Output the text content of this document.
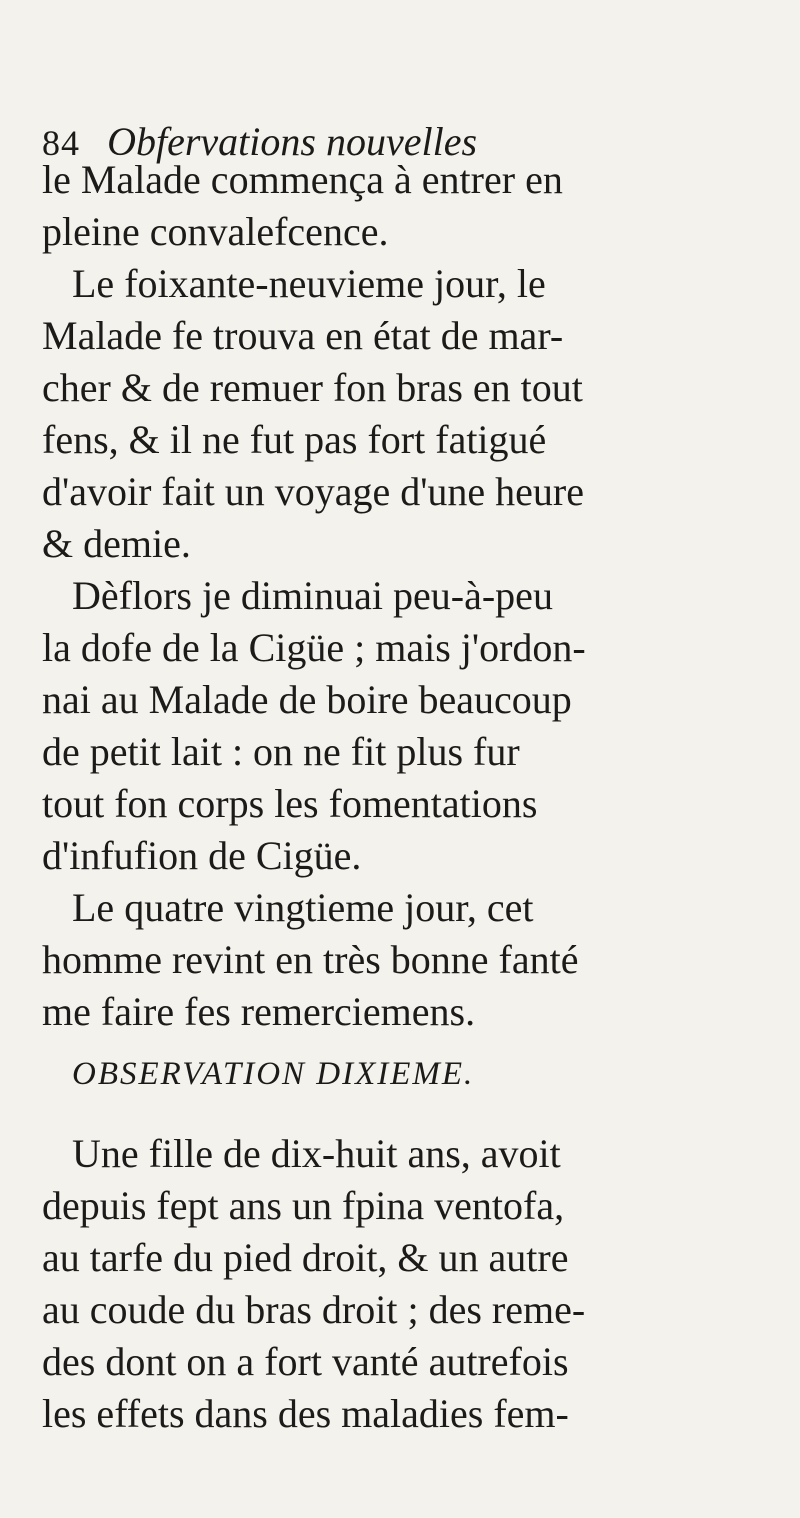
84 Obfervations nouvelles
le Malade commença à entrer en
pleine convalefcence.
Le foixante-neuvieme jour, le
Malade fe trouva en état de mar-
cher & de remuer fon bras en tout
fens, & il ne fut pas fort fatigué
d'avoir fait un voyage d'une heure
& demie.
Dèflors je diminuai peu-à-peu
la dofe de la Cigüe ; mais j'ordon-
nai au Malade de boire beaucoup
de petit lait : on ne fit plus fur
tout fon corps les fomentations
d'infufion de Cigüe.
Le quatre vingtieme jour, cet
homme revint en très bonne fanté
me faire fes remerciemens.
OBSERVATION DIXIEME.
Une fille de dix-huit ans, avoit
depuis fept ans un fpina ventofa,
au tarfe du pied droit, & un autre
au coude du bras droit ; des reme-
des dont on a fort vanté autrefois
les effets dans des maladies fem-
